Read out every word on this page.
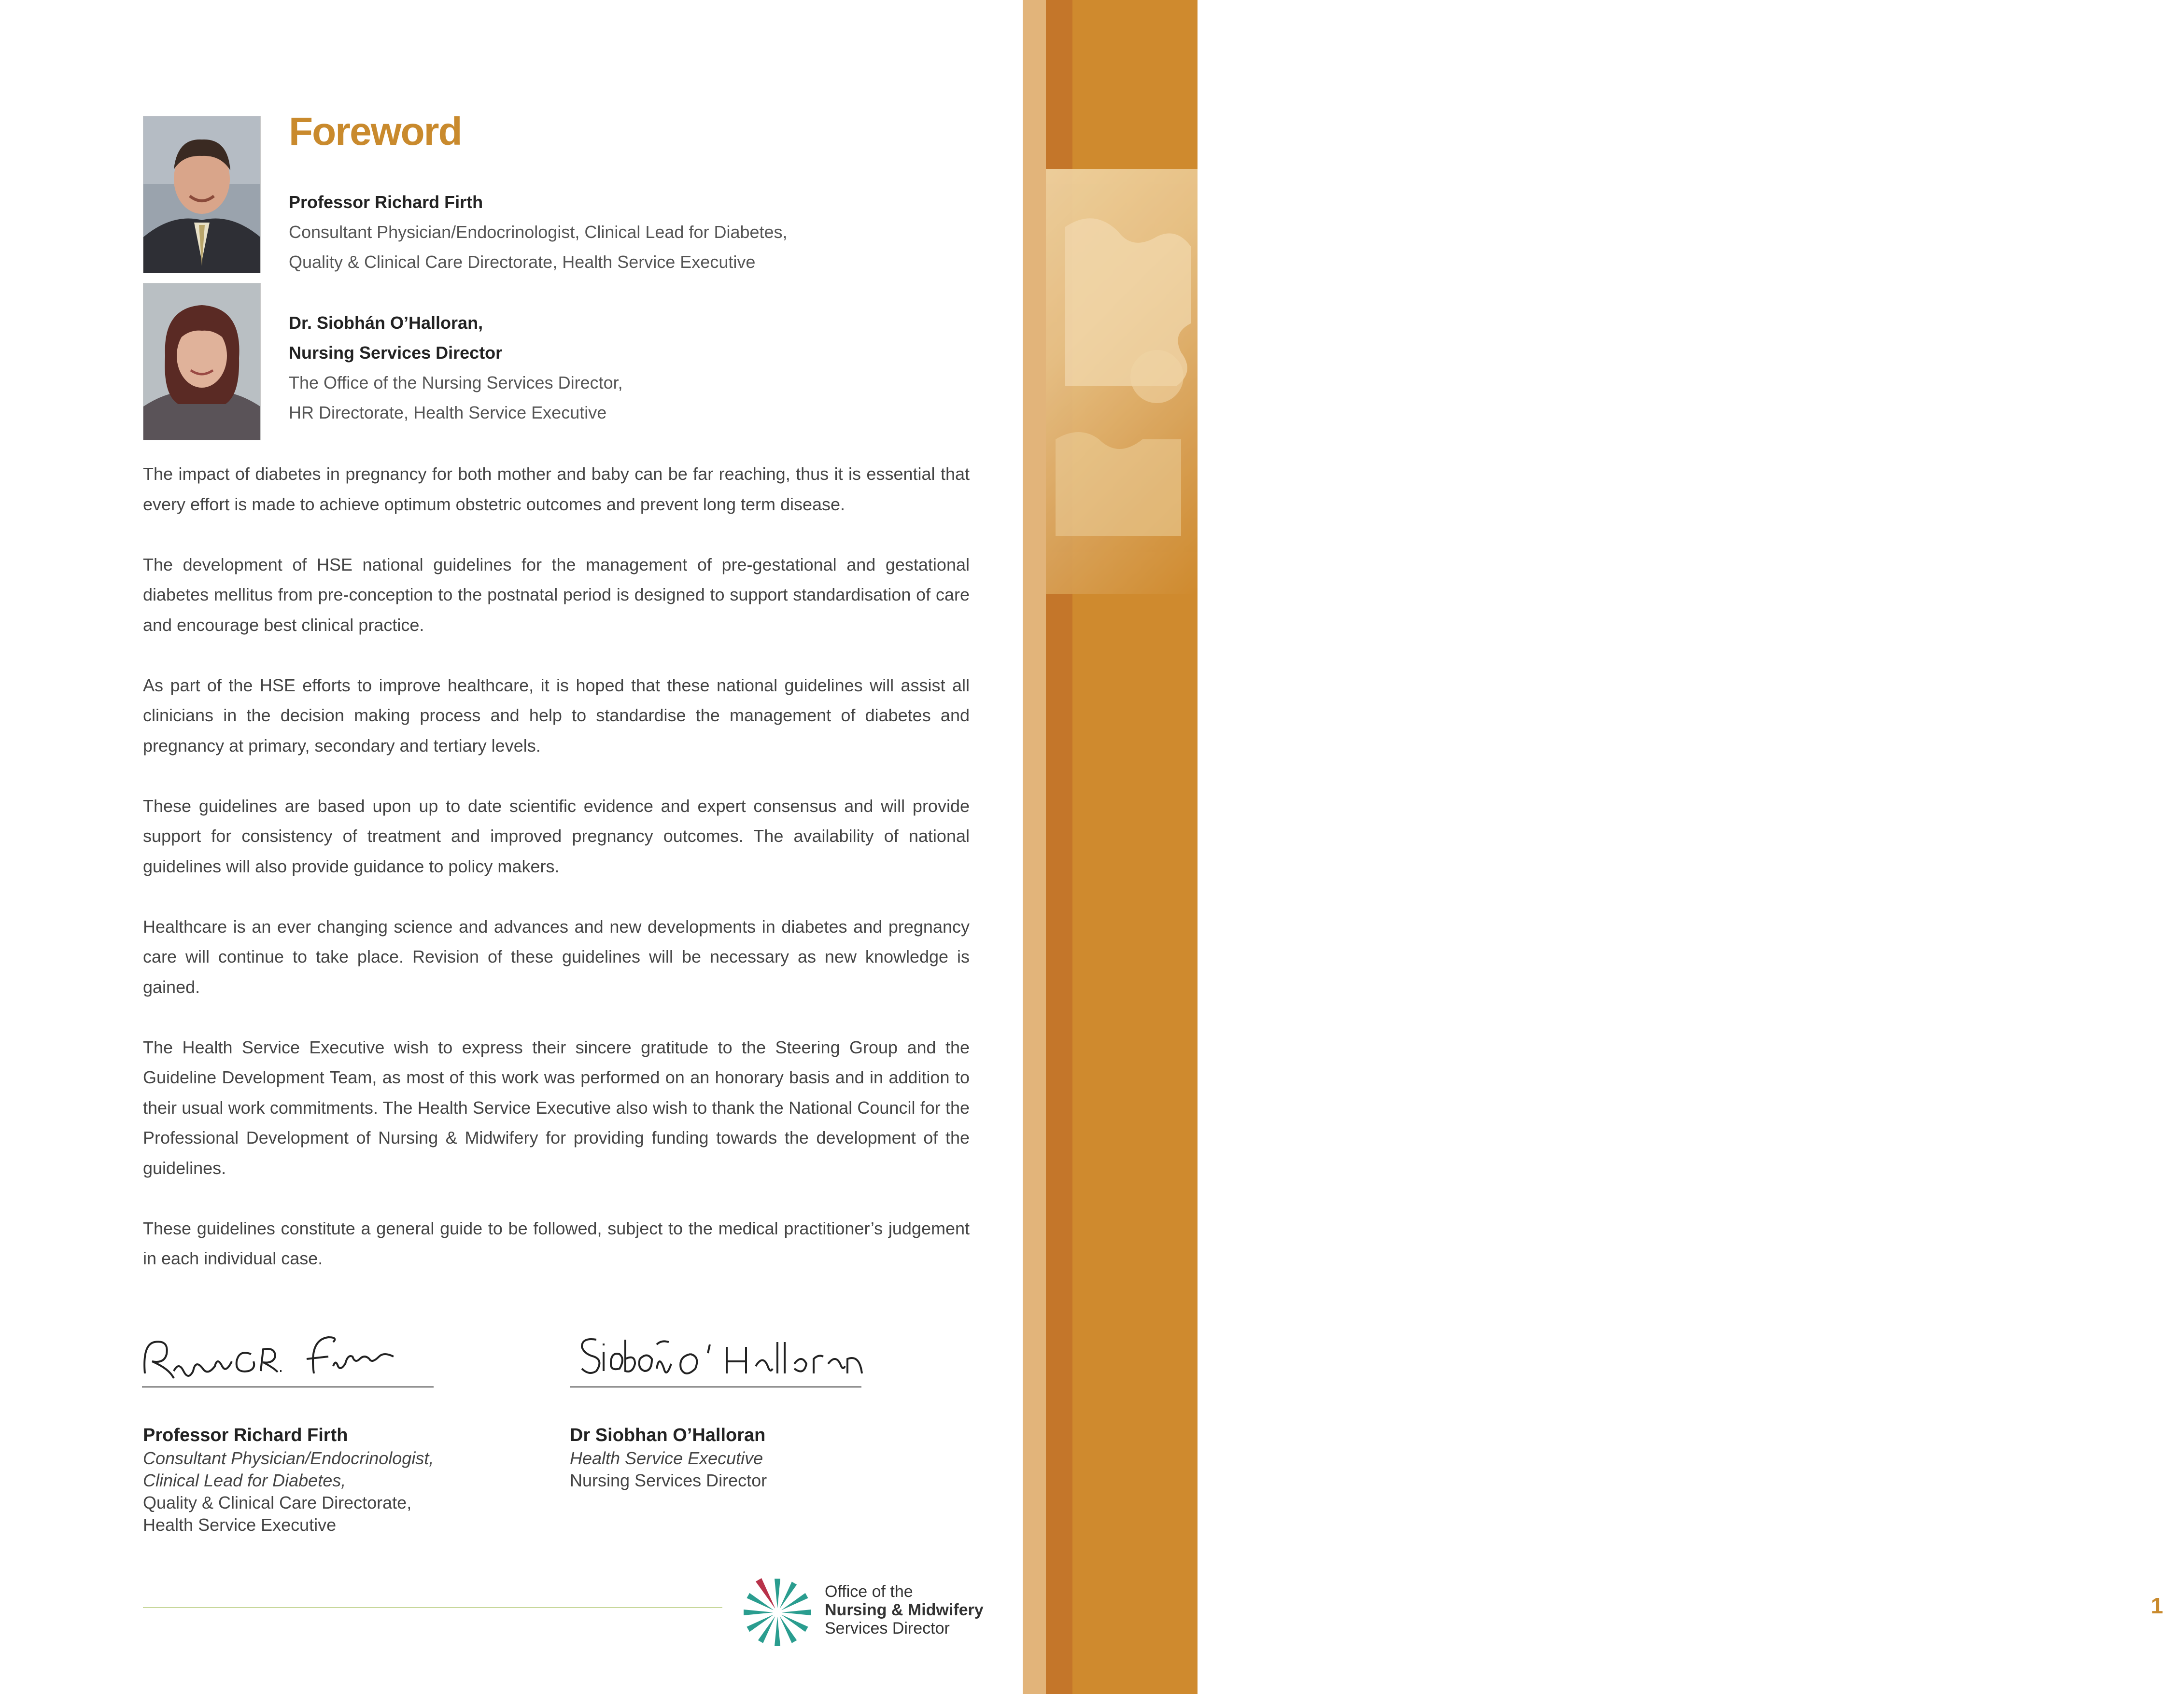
1
Foreword
Professor Richard Firth
Consultant Physician/Endocrinologist, Clinical Lead for Diabetes,
Quality & Clinical Care Directorate, Health Service Executive
Dr. Siobhán O’Halloran,
Nursing Services Director
The Office of the Nursing Services Director,
HR Directorate, Health Service Executive

The impact of diabetes in pregnancy for both mother and baby can be far reaching, thus it is essential that every effort is made to achieve optimum obstetric outcomes and prevent long term disease.

The development of HSE national guidelines for the management of pre-gestational and gestational diabetes mellitus from pre-conception to the postnatal period is designed to support standardisation of care and encourage best clinical practice.

As part of the HSE efforts to improve healthcare, it is hoped that these national guidelines will assist all clinicians in the decision making process and help to standardise the management of diabetes and pregnancy at primary, secondary and tertiary levels.

These guidelines are based upon up to date scientific evidence and expert consensus and will provide support for consistency of treatment and improved pregnancy outcomes. The availability of national guidelines will also provide guidance to policy makers.

Healthcare is an ever changing science and advances and new developments in diabetes and pregnancy care will continue to take place. Revision of these guidelines will be necessary as new knowledge is gained.

The Health Service Executive wish to express their sincere gratitude to the Steering Group and the Guideline Development Team, as most of this work was performed on an honorary basis and in addition to their usual work commitments. The Health Service Executive also wish to thank the National Council for the Professional Development of Nursing & Midwifery for providing funding towards the development of the guidelines.

These guidelines constitute a general guide to be followed, subject to the medical practitioner’s judgement in each individual case.

Professor Richard Firth
Consultant Physician/Endocrinologist,
Clinical Lead for Diabetes,
Quality & Clinical Care Directorate,
Health Service Executive
Dr Siobhan O’Halloran
Health Service Executive
Nursing Services Director
Office of the
Nursing & Midwifery
Services Director
